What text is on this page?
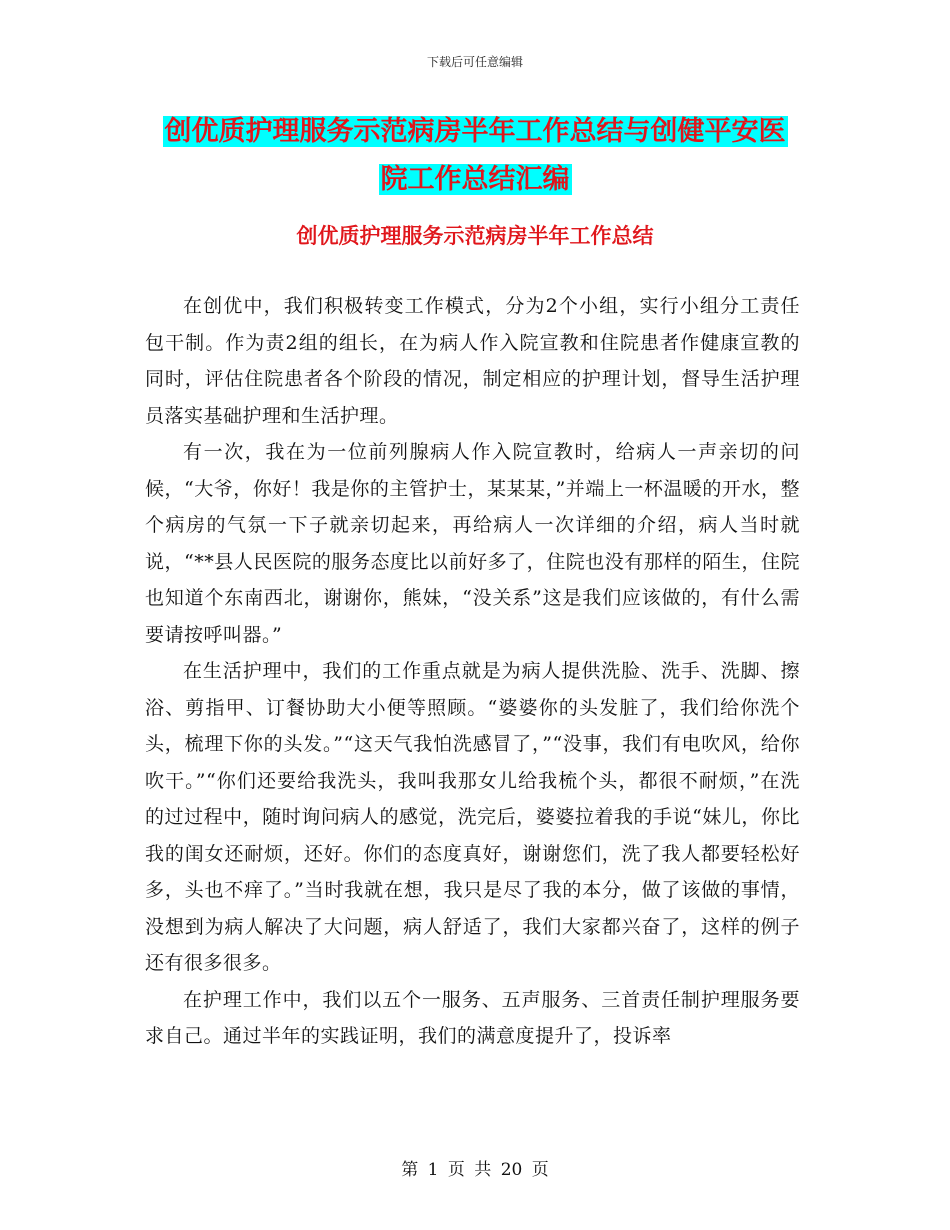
下载后可任意编辑
创优质护理服务示范病房半年工作总结与创健平安医
院工作总结汇编
创优质护理服务示范病房半年工作总结

在创优中，我们积极转变工作模式，分为2个小组，实行小组分工责任包干制。作为责2组的组长，在为病人作入院宣教和住院患者作健康宣教的同时，评估住院患者各个阶段的情况，制定相应的护理计划，督导生活护理员落实基础护理和生活护理。

有一次，我在为一位前列腺病人作入院宣教时，给病人一声亲切的问候，“大爷，你好！我是你的主管护士，某某某，”并端上一杯温暖的开水，整个病房的气氛一下子就亲切起来，再给病人一次详细的介绍，病人当时就说，“**县人民医院的服务态度比以前好多了，住院也没有那样的陌生，住院也知道个东南西北，谢谢你，熊妹，“没关系”这是我们应该做的，有什么需要请按呼叫器。”

在生活护理中，我们的工作重点就是为病人提供洗脸、洗手、洗脚、擦浴、剪指甲、订餐协助大小便等照顾。“婆婆你的头发脏了，我们给你洗个头，梳理下你的头发。”“这天气我怕洗感冒了，”“没事，我们有电吹风，给你吹干。”“你们还要给我洗头，我叫我那女儿给我梳个头，都很不耐烦，”在洗的过过程中，随时询问病人的感觉，洗完后，婆婆拉着我的手说“妹儿，你比我的闺女还耐烦，还好。你们的态度真好，谢谢您们，洗了我人都要轻松好多，头也不痒了。”当时我就在想，我只是尽了我的本分，做了该做的事情，没想到为病人解决了大问题，病人舒适了，我们大家都兴奋了，这样的例子还有很多很多。

在护理工作中，我们以五个一服务、五声服务、三首责任制护理服务要求自己。通过半年的实践证明，我们的满意度提升了，投诉率

第 1 页 共 20 页
